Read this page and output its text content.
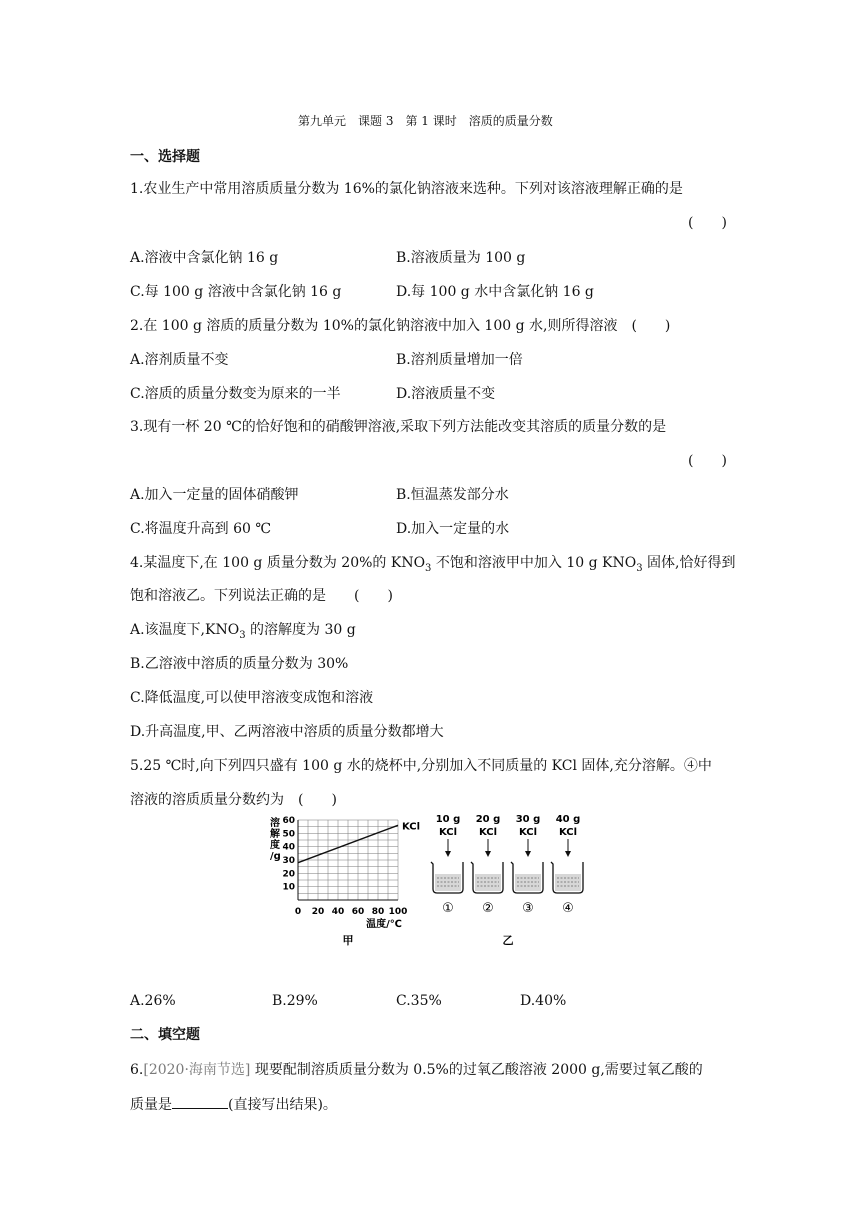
第九单元　课题 3　第 1 课时　溶质的质量分数
一、选择题
1.农业生产中常用溶质质量分数为 16%的氯化钠溶液来选种。下列对该溶液理解正确的是
(　　)
A.溶液中含氯化钠 16 g	B.溶液质量为 100 g
C.每 100 g 溶液中含氯化钠 16 g	D.每 100 g 水中含氯化钠 16 g
2.在 100 g 溶质的质量分数为 10%的氯化钠溶液中加入 100 g 水,则所得溶液　(　　)
A.溶剂质量不变	B.溶剂质量增加一倍
C.溶质的质量分数变为原来的一半	D.溶液质量不变
3.现有一杯 20 ℃的恰好饱和的硝酸钾溶液,采取下列方法能改变其溶质的质量分数的是
(　　)
A.加入一定量的固体硝酸钾	B.恒温蒸发部分水
C.将温度升高到 60 ℃	D.加入一定量的水
4.某温度下,在 100 g 质量分数为 20%的 $KNO_3$ 不饱和溶液甲中加入 10 g $KNO_3$ 固体,恰好得到
饱和溶液乙。下列说法正确的是　　(　　)
A.该温度下$,KNO_3$ 的溶解度为 30 g
B.乙溶液中溶质的质量分数为 30%
C.降低温度,可以使甲溶液变成饱和溶液
D.升高温度,甲、乙两溶液中溶质的质量分数都增大
5.25 ℃时,向下列四只盛有 100 g 水的烧杯中,分别加入不同质量的 KCl 固体,充分溶解。④中
溶液的溶质质量分数约为　(　　)
0 20 40 60 80 100
10
20
30
40
50
60
溶
解
度
/g
温度/℃
KCl
甲
10 g
KCl
①
20 g
KCl
②
30 g
KCl
③
40 g
KCl
④
乙
A.26%	B.29%	C.35%	D.40%
二、填空题
6.[2020·海南节选] 现要配制溶质质量分数为 0.5%的过氧乙酸溶液 2000 g,需要过氧乙酸的
质量是	(直接写出结果)。
